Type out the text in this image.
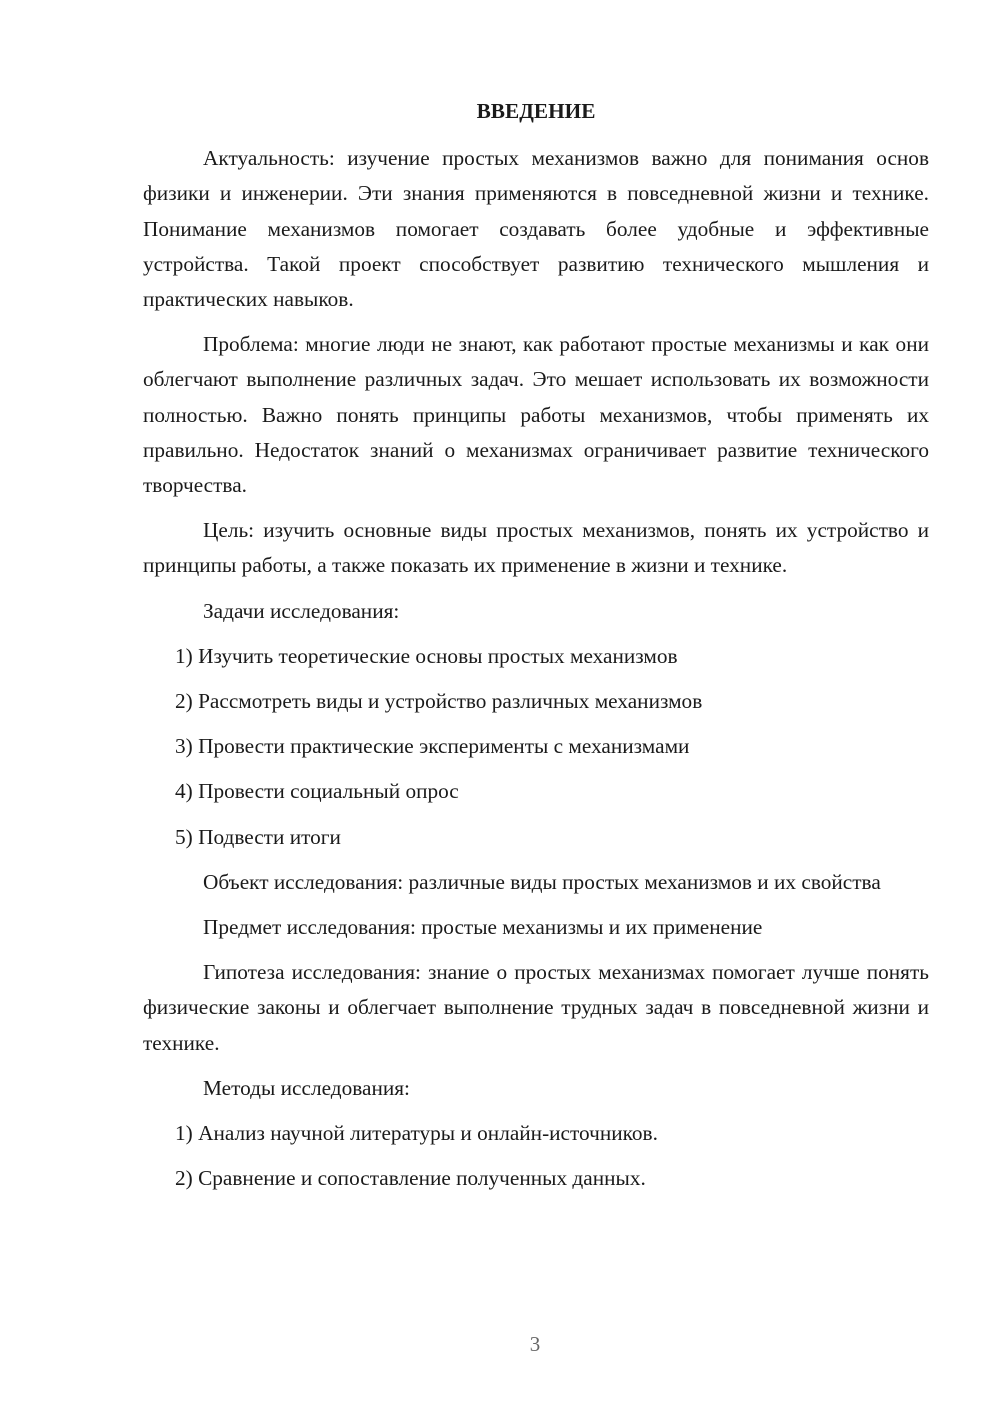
ВВЕДЕНИЕ

Актуальность: изучение простых механизмов важно для понимания основ физики и инженерии. Эти знания применяются в повседневной жизни и технике. Понимание механизмов помогает создавать более удобные и эффективные устройства. Такой проект способствует развитию технического мышления и практических навыков.

Проблема: многие люди не знают, как работают простые механизмы и как они облегчают выполнение различных задач. Это мешает использовать их возможности полностью. Важно понять принципы работы механизмов, чтобы применять их правильно. Недостаток знаний о механизмах ограничивает развитие технического творчества.

Цель: изучить основные виды простых механизмов, понять их устройство и принципы работы, а также показать их применение в жизни и технике.

Задачи исследования:

1) Изучить теоретические основы простых механизмов
2) Рассмотреть виды и устройство различных механизмов
3) Провести практические эксперименты с механизмами
4) Провести социальный опрос
5) Подвести итоги

Объект исследования: различные виды простых механизмов и их свойства

Предмет исследования: простые механизмы и их применение

Гипотеза исследования: знание о простых механизмах помогает лучше понять физические законы и облегчает выполнение трудных задач в повседневной жизни и технике.

Методы исследования:

1) Анализ научной литературы и онлайн-источников.
2) Сравнение и сопоставление полученных данных.
3
